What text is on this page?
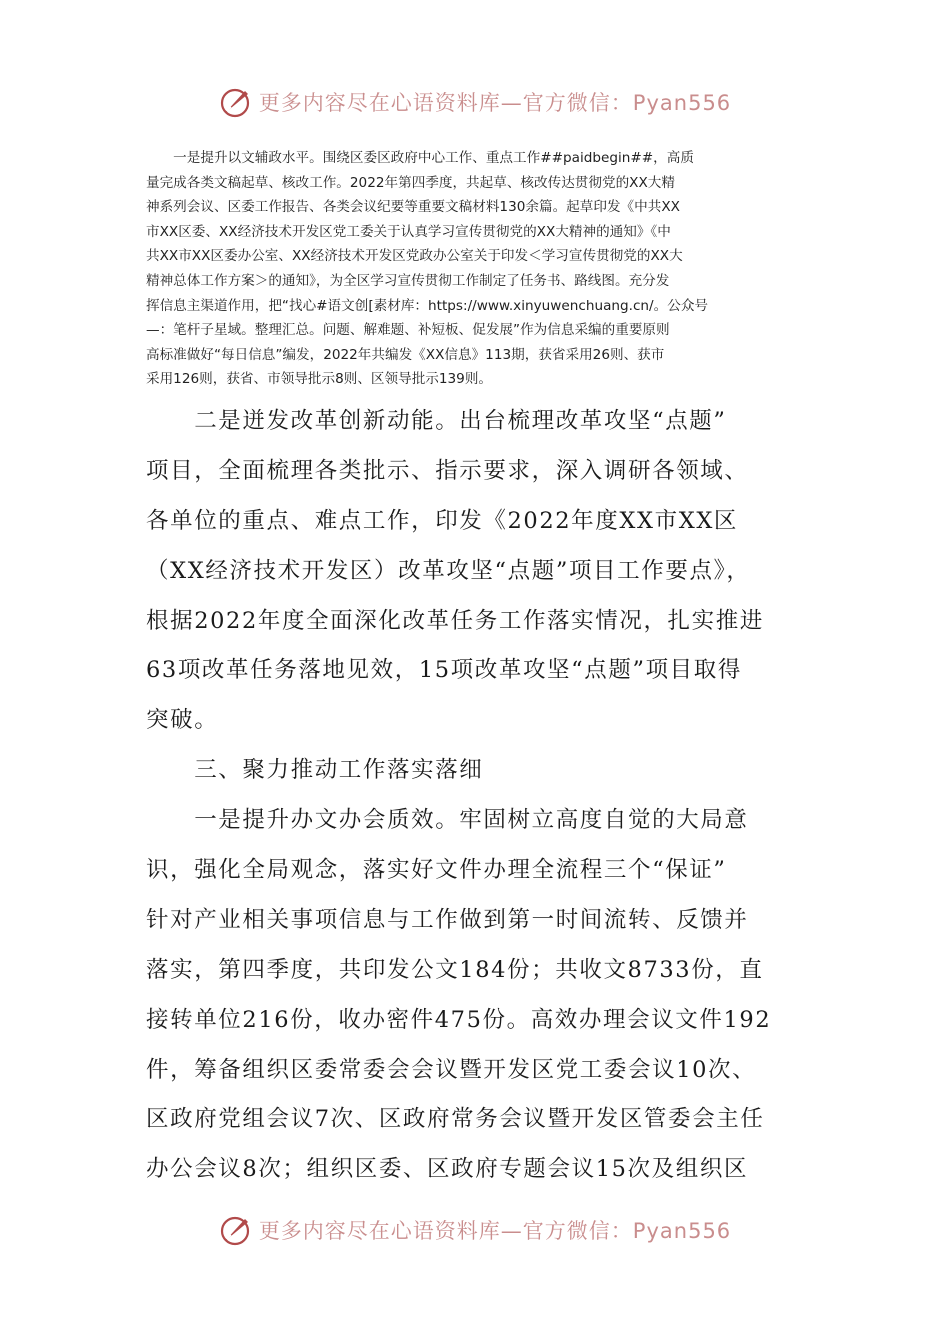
更多内容尽在心语资料库—官方微信：Pyan556
　　一是提升以文辅政水平。围绕区委区政府中心工作、重点工作##paidbegin##，高质
量完成各类文稿起草、核改工作。2022年第四季度，共起草、核改传达贯彻党的XX大精
神系列会议、区委工作报告、各类会议纪要等重要文稿材料130余篇。起草印发《中共XX
市XX区委、XX经济技术开发区党工委关于认真学习宣传贯彻党的XX大精神的通知》《中
共XX市XX区委办公室、XX经济技术开发区党政办公室关于印发＜学习宣传贯彻党的XX大
精神总体工作方案＞的通知》，为全区学习宣传贯彻工作制定了任务书、路线图。充分发
挥信息主渠道作用，把“找心#语文创[素材库：https://www.xinyuwenchuang.cn/。公众号
—：笔杆子星域。整理汇总。问题、解难题、补短板、促发展”作为信息采编的重要原则
高标准做好“每日信息”编发，2022年共编发《XX信息》113期，获省采用26则、获市
采用126则，获省、市领导批示8则、区领导批示139则。
　　二是迸发改革创新动能。出台梳理改革攻坚“点题”
项目，全面梳理各类批示、指示要求，深入调研各领域、
各单位的重点、难点工作，印发《2022年度XX市XX区
（XX经济技术开发区）改革攻坚“点题”项目工作要点》，
根据2022年度全面深化改革任务工作落实情况，扎实推进
63项改革任务落地见效，15项改革攻坚“点题”项目取得
突破。
　　三、聚力推动工作落实落细
　　一是提升办文办会质效。牢固树立高度自觉的大局意
识，强化全局观念，落实好文件办理全流程三个“保证”
针对产业相关事项信息与工作做到第一时间流转、反馈并
落实，第四季度，共印发公文184份；共收文8733份，直
接转单位216份，收办密件475份。高效办理会议文件192
件，筹备组织区委常委会会议暨开发区党工委会议10次、
区政府党组会议7次、区政府常务会议暨开发区管委会主任
办公会议8次；组织区委、区政府专题会议15次及组织区
更多内容尽在心语资料库—官方微信：Pyan556
